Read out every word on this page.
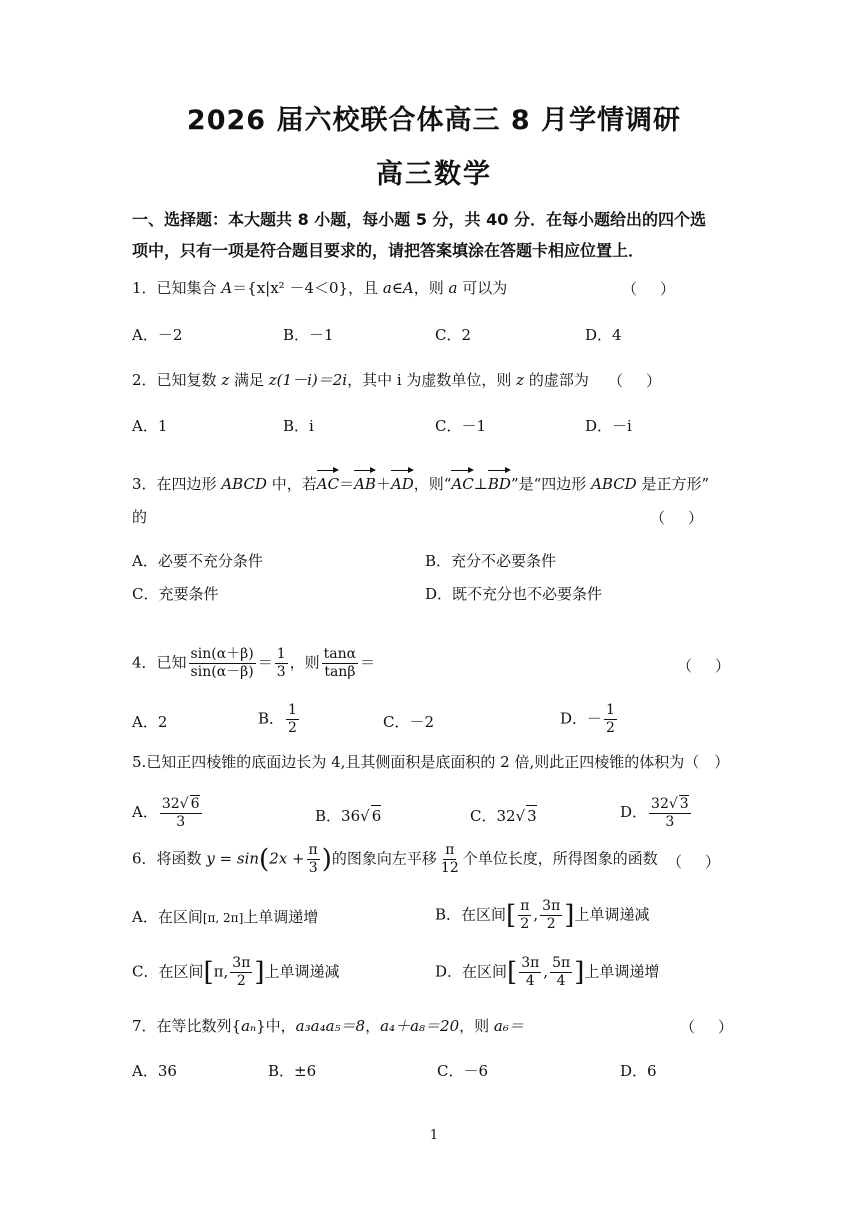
2026 届六校联合体高三 8 月学情调研
高三数学
一、选择题：本大题共 8 小题，每小题 5 分，共 40 分．在每小题给出的四个选
项中，只有一项是符合题目要求的，请把答案填涂在答题卡相应位置上．
1．已知集合 A＝{x|x² －4＜0}，且 a∈A，则 a 可以为	（　）
A．－2	B．－1	C．2	D．4
2．已知复数 z 满足 z(1－i)＝2i，其中 i 为虚数单位，则 z 的虚部为 （　）
A．1	B．i	C．－1	D．－i
3．在四边形 ABCD 中，若AC＝AB＋AD，则“AC⊥BD”是“四边形 ABCD 是正方形”
的	（　）
A．必要不充分条件	B．充分不必要条件
C．充要条件	D．既不充分也不必要条件
4．已知 $\frac{\sin(\alpha+\beta)}{\sin(\alpha-\beta)} = \frac{1}{3}$ ，则 $\frac{\tan\alpha}{\tan\beta}$ ＝	（　）
A．2	B． $\frac{1}{2}$	C．－2	D．－ $\frac{1}{2}$
5.已知正四棱锥的底面边长为 4,且其侧面积是底面积的 2 倍,则此正四棱锥的体积为（　）
A． $\frac{32√ 6}{3}$	B．36√ 6	C．32√ 3	D． $\frac{32√ 3}{3}$
6．将函数 $y = \sin(2x + \frac{\pi}{3}$ )的图象向左平移 $\frac{\pi}{12}$ 个单位长度，所得图象的函数 （　）
A．在区间[π, 2π]上单调递增	B．在区间[ $\frac{\pi}{2}$ , $\frac{3\pi}{2}$ ]上单调递减
C．在区间[π, $\frac{3\pi}{2}$ ]上单调递减	D．在区间[ $\frac{3\pi}{4}$ , $\frac{5\pi}{4}$ ]上单调递增
7．在等比数列{aₙ}中，a₃a₄a₅＝8，a₄＋a₈＝20，则 a₆＝	（　）
A．36	B．±6	C．－6	D．6
1
